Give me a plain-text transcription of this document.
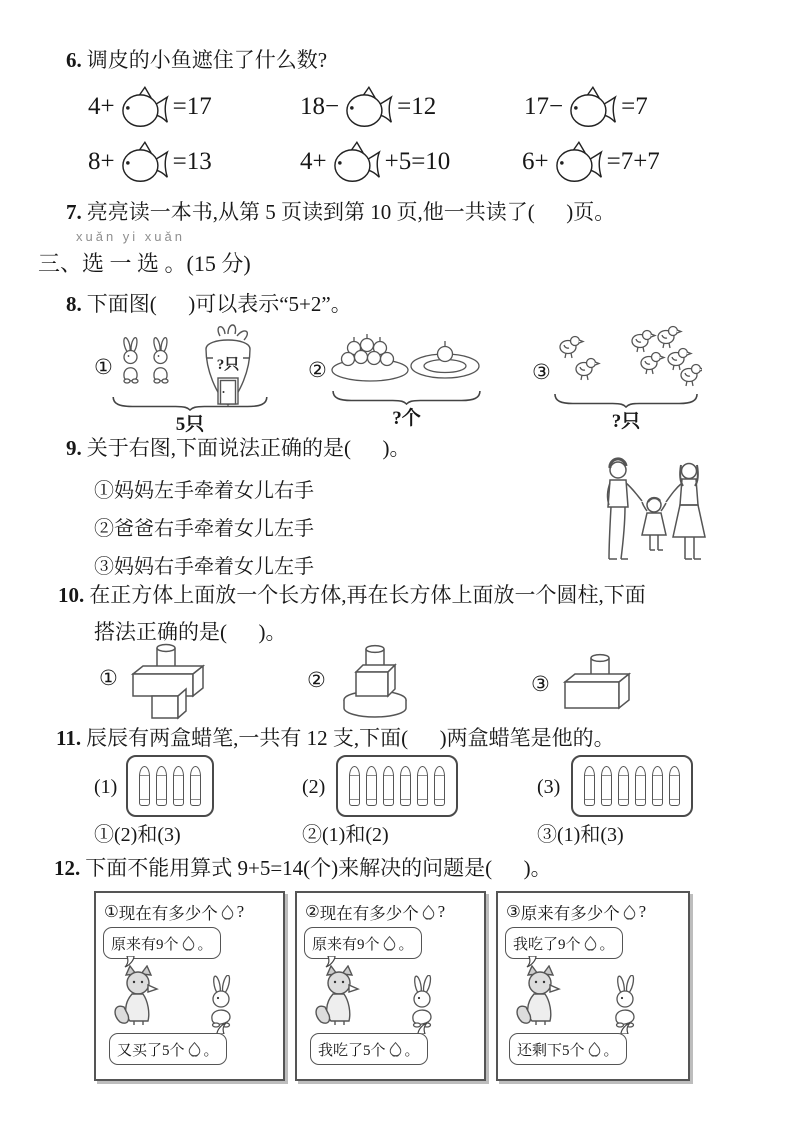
6. 调皮的小鱼遮住了什么数?
4+ =17	18− =12	17− =7
8+ =13	4+ +5=10	6+ =7+7
7. 亮亮读一本书,从第 5 页读到第 10 页,他一共读了(      )页。
xuǎn yi xuǎn
三、选 一 选 。(15 分)
8. 下面图(      )可以表示“5+2”。
①	?只
5只
②
?个
③
?只
9. 关于右图,下面说法正确的是(      )。
①妈妈左手牵着女儿右手
②爸爸右手牵着女儿左手
③妈妈右手牵着女儿左手
10. 在正方体上面放一个长方体,再在长方体上面放一个圆柱,下面
搭法正确的是(      )。
①	②	③
11. 辰辰有两盒蜡笔,一共有 12 支,下面(      )两盒蜡笔是他的。
(1)	(2)	(3)
①(2)和(3)	②(1)和(2)	③(1)和(3)
12. 下面不能用算式 9+5=14(个)来解决的问题是(      )。
① 现在有多少个 ?
原来有9个 。
又买了5个 。
② 现在有多少个 ?
原来有9个 。
我吃了5个 。
③ 原来有多少个 ?
我吃了9个 。
还剩下5个 。
